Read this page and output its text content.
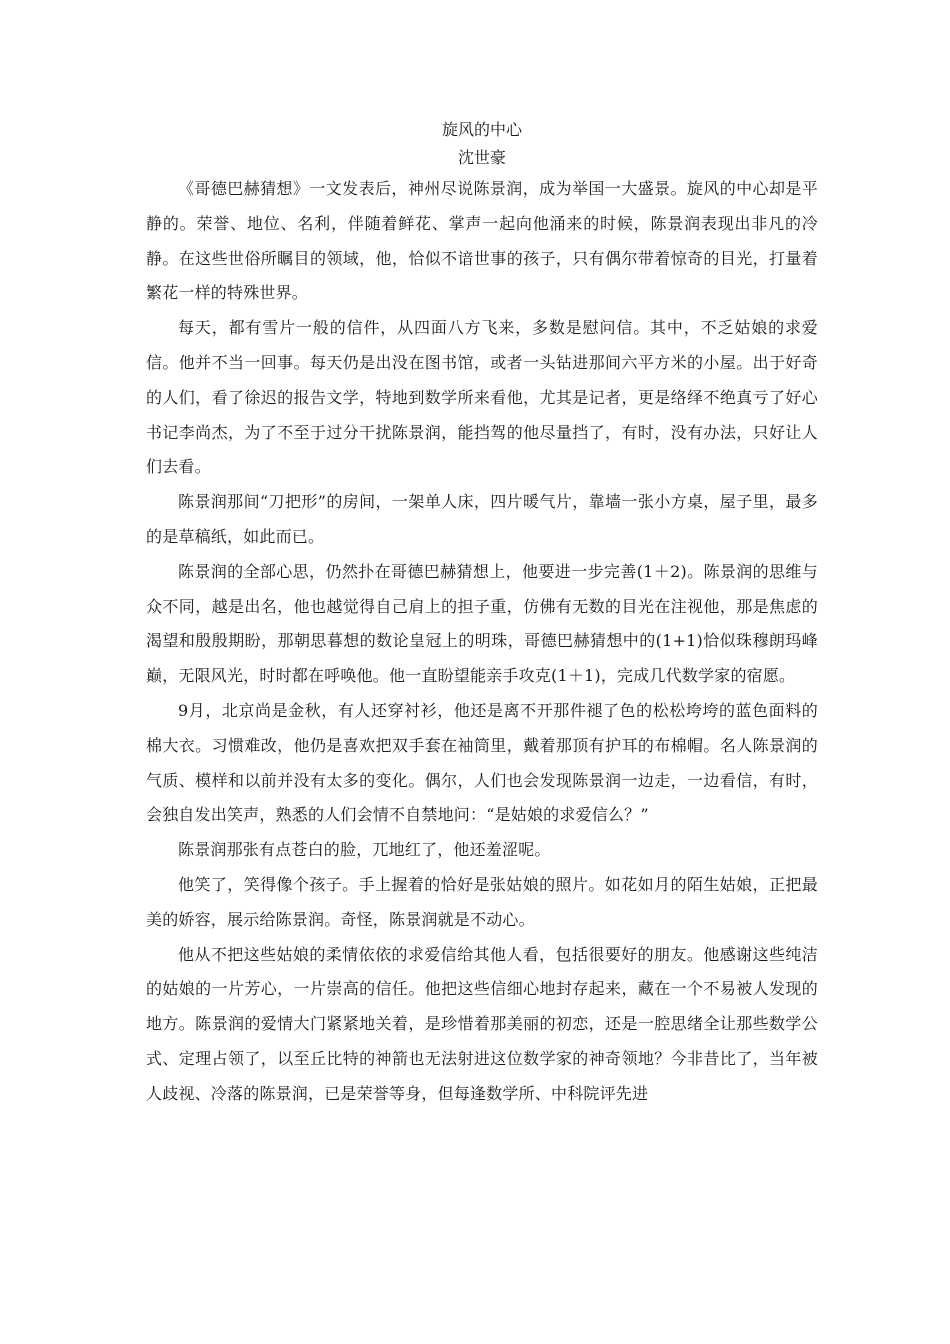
旋风的中心
沈世豪

《哥德巴赫猜想》一文发表后，神州尽说陈景润，成为举国一大盛景。旋风的中心却是平静的。荣誉、地位、名利，伴随着鲜花、掌声一起向他涌来的时候，陈景润表现出非凡的冷静。在这些世俗所瞩目的领域，他，恰似不谙世事的孩子，只有偶尔带着惊奇的目光，打量着繁花一样的特殊世界。

每天，都有雪片一般的信件，从四面八方飞来，多数是慰问信。其中，不乏姑娘的求爱信。他并不当一回事。每天仍是出没在图书馆，或者一头钻进那间六平方米的小屋。出于好奇的人们，看了徐迟的报告文学，特地到数学所来看他，尤其是记者，更是络绎不绝真亏了好心书记李尚杰，为了不至于过分干扰陈景润，能挡驾的他尽量挡了，有时，没有办法，只好让人们去看。

陈景润那间“刀把形”的房间，一架单人床，四片暖气片，靠墙一张小方桌，屋子里，最多的是草稿纸，如此而已。

陈景润的全部心思，仍然扑在哥德巴赫猜想上，他要进一步完善(1＋2)。陈景润的思维与众不同，越是出名，他也越觉得自己肩上的担子重，仿佛有无数的目光在注视他，那是焦虑的渴望和殷殷期盼，那朝思暮想的数论皇冠上的明珠，哥德巴赫猜想中的(1+1)恰似珠穆朗玛峰巅，无限风光，时时都在呼唤他。他一直盼望能亲手攻克(1＋1)，完成几代数学家的宿愿。

9月，北京尚是金秋，有人还穿衬衫，他还是离不开那件褪了色的松松垮垮的蓝色面料的棉大衣。习惯难改，他仍是喜欢把双手套在袖筒里，戴着那顶有护耳的布棉帽。名人陈景润的气质、模样和以前并没有太多的变化。偶尔，人们也会发现陈景润一边走，一边看信，有时，会独自发出笑声，熟悉的人们会情不自禁地问：“是姑娘的求爱信么？”

陈景润那张有点苍白的脸，兀地红了，他还羞涩呢。

他笑了，笑得像个孩子。手上握着的恰好是张姑娘的照片。如花如月的陌生姑娘，正把最美的娇容，展示给陈景润。奇怪，陈景润就是不动心。

他从不把这些姑娘的柔情依依的求爱信给其他人看，包括很要好的朋友。他感谢这些纯洁的姑娘的一片芳心，一片崇高的信任。他把这些信细心地封存起来，藏在一个不易被人发现的地方。陈景润的爱情大门紧紧地关着，是珍惜着那美丽的初恋，还是一腔思绪全让那些数学公式、定理占领了，以至丘比特的神箭也无法射进这位数学家的神奇领地？今非昔比了，当年被人歧视、冷落的陈景润，已是荣誉等身，但每逢数学所、中科院评先进
